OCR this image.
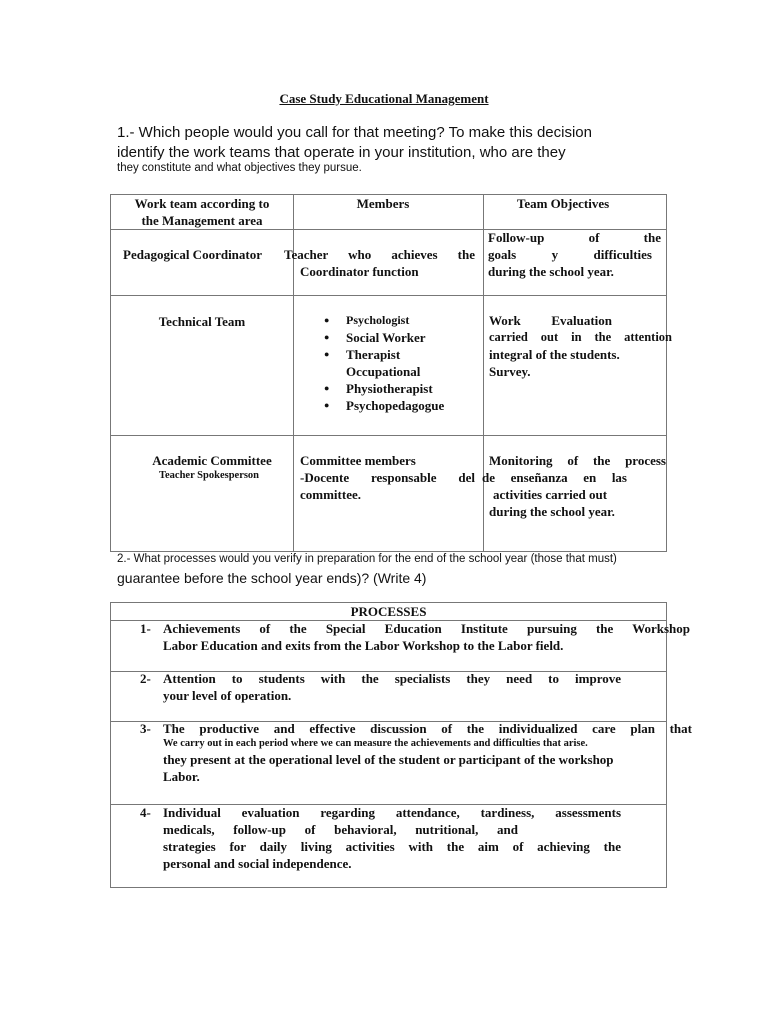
Case Study Educational Management
1.- Which people would you call for that meeting? To make this decision
identify the work teams that operate in your institution, who are they
they constitute and what objectives they pursue.
Work team according to
the Management area
Members	Team Objectives
Pedagogical Coordinator Teacher who achieves the
Coordinator function
Follow-up of the
goals y difficulties
during the school year.
Technical Team
●	Psychologist
● Social Worker
● Therapist Occupational
● Physiotherapist
● Psychopedagogue
Work Evaluation
carried out in the attention
integral of the students.
Survey.
Academic Committee
Teacher Spokesperson
Committee members
-Docente responsable del
committee.
Monitoring of the process
de enseñanza en las
activities carried out
during the school year.
2.- What processes would you verify in preparation for the end of the school year (those that must)
guarantee before the school year ends)? (Write 4)
PROCESSES
1- Achievements of the Special Education Institute pursuing the Workshop
Labor Education and exits from the Labor Workshop to the Labor field.
2- Attention to students with the specialists they need to improve
your level of operation.
3- The productive and effective discussion of the individualized care plan that
We carry out in each period where we can measure the achievements and difficulties that arise.
they present at the operational level of the student or participant of the workshop
Labor.
4- Individual evaluation regarding attendance, tardiness, assessments
medicals, follow-up of behavioral, nutritional, and
strategies for daily living activities with the aim of achieving the
personal and social independence.
